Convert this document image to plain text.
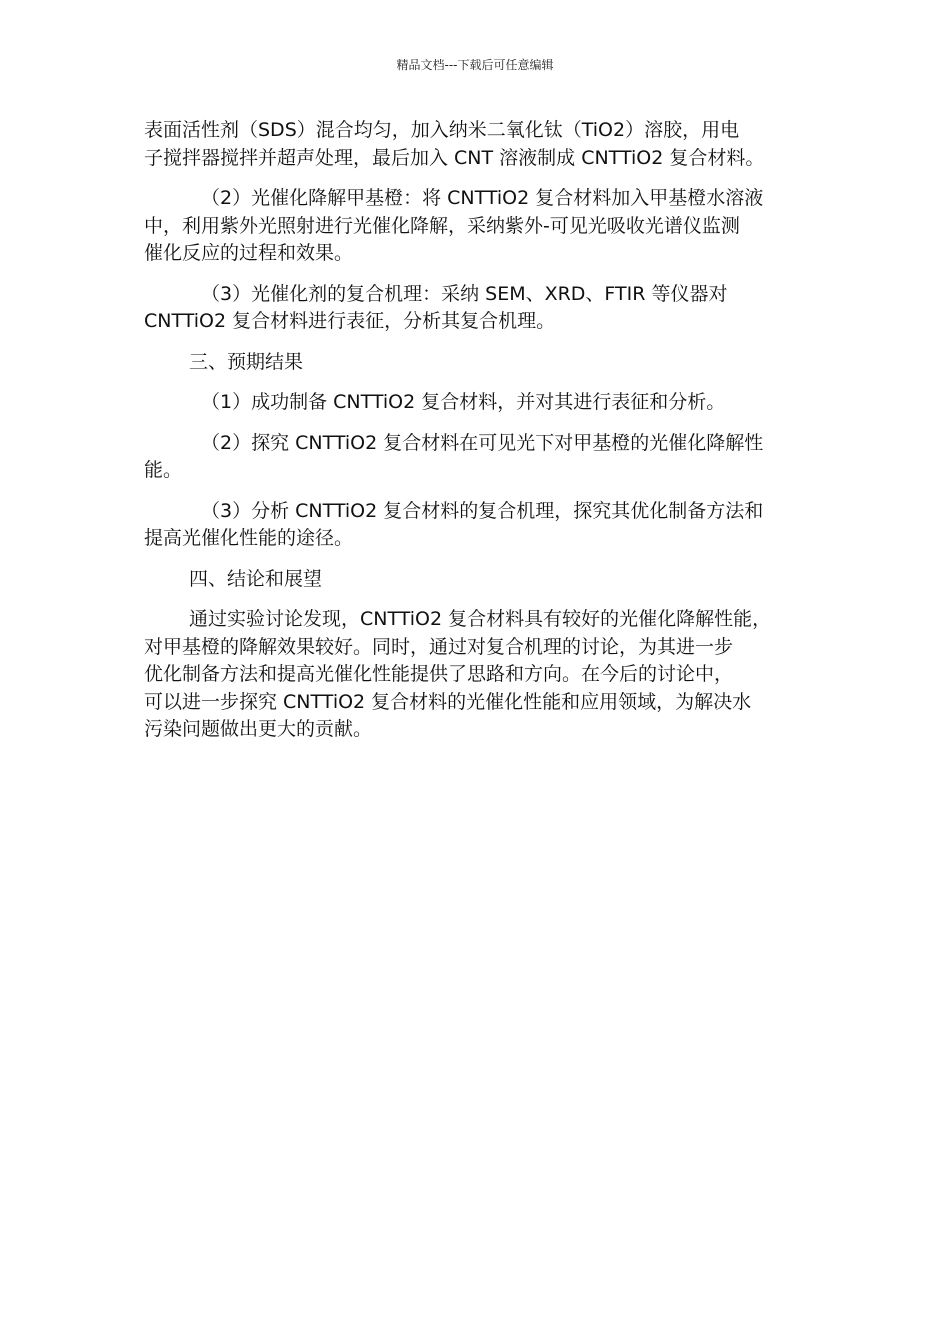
精品文档---下载后可任意编辑

表面活性剂（SDS）混合均匀，加入纳米二氧化钛（TiO2）溶胶，用电
子搅拌器搅拌并超声处理，最后加入 CNT 溶液制成 CNTTiO2 复合材料。

（2）光催化降解甲基橙：将 CNTTiO2 复合材料加入甲基橙水溶液
中，利用紫外光照射进行光催化降解，采纳紫外-可见光吸收光谱仪监测
催化反应的过程和效果。

（3）光催化剂的复合机理：采纳 SEM、XRD、FTIR 等仪器对
CNTTiO2 复合材料进行表征，分析其复合机理。

三、预期结果

（1）成功制备 CNTTiO2 复合材料，并对其进行表征和分析。

（2）探究 CNTTiO2 复合材料在可见光下对甲基橙的光催化降解性
能。

（3）分析 CNTTiO2 复合材料的复合机理，探究其优化制备方法和
提高光催化性能的途径。

四、结论和展望

通过实验讨论发现，CNTTiO2 复合材料具有较好的光催化降解性能，
对甲基橙的降解效果较好。同时，通过对复合机理的讨论，为其进一步
优化制备方法和提高光催化性能提供了思路和方向。在今后的讨论中，
可以进一步探究 CNTTiO2 复合材料的光催化性能和应用领域，为解决水
污染问题做出更大的贡献。
